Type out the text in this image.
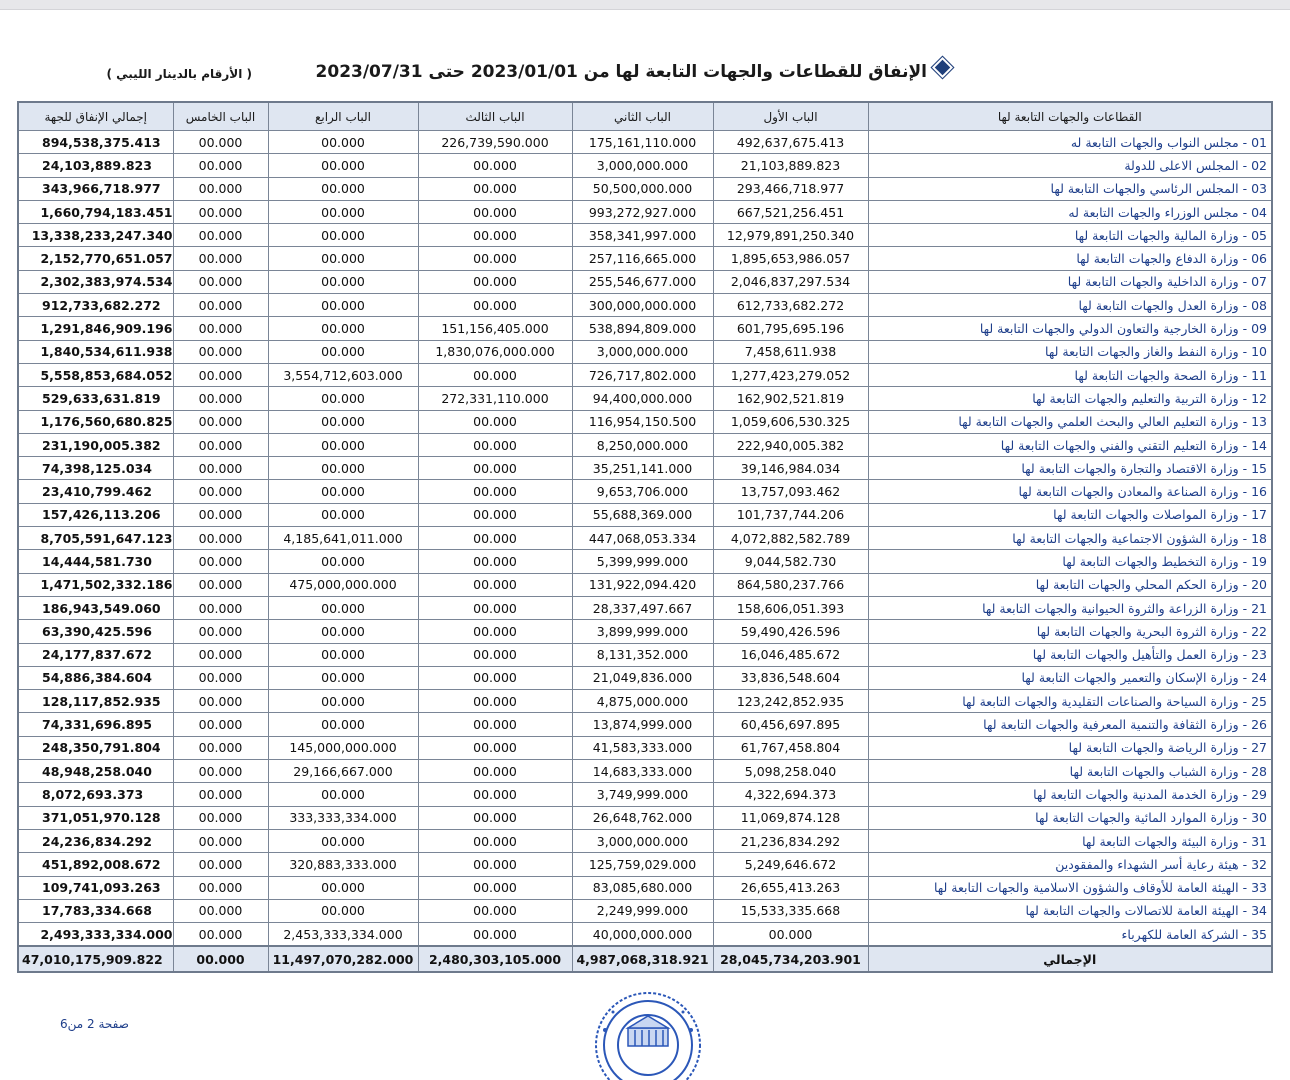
الإنفاق للقطاعات والجهات التابعة لها من 2023/01/01 حتى 2023/07/31
( الأرقام بالدينار الليبي )
القطاعات والجهات التابعة لها	الباب الأول	الباب الثاني	الباب الثالث	الباب الرابع	الباب الخامس	إجمالي الإنفاق للجهة
01 - مجلس النواب والجهات التابعة له	492,637,675.413	175,161,110.000	226,739,590.000	00.000	00.000	894,538,375.413
02 - المجلس الاعلى للدولة	21,103,889.823	3,000,000.000	00.000	00.000	00.000	24,103,889.823
03 - المجلس الرئاسي والجهات التابعة لها	293,466,718.977	50,500,000.000	00.000	00.000	00.000	343,966,718.977
04 - مجلس الوزراء والجهات التابعة له	667,521,256.451	993,272,927.000	00.000	00.000	00.000	1,660,794,183.451
05 - وزارة المالية والجهات التابعة لها	12,979,891,250.340	358,341,997.000	00.000	00.000	00.000	13,338,233,247.340
06 - وزارة الدفاع والجهات التابعة لها	1,895,653,986.057	257,116,665.000	00.000	00.000	00.000	2,152,770,651.057
07 - وزارة الداخلية والجهات التابعة لها	2,046,837,297.534	255,546,677.000	00.000	00.000	00.000	2,302,383,974.534
08 - وزارة العدل والجهات التابعة لها	612,733,682.272	300,000,000.000	00.000	00.000	00.000	912,733,682.272
09 - وزارة الخارجية والتعاون الدولي والجهات التابعة لها	601,795,695.196	538,894,809.000	151,156,405.000	00.000	00.000	1,291,846,909.196
10 - وزارة النفط والغاز والجهات التابعة لها	7,458,611.938	3,000,000.000	1,830,076,000.000	00.000	00.000	1,840,534,611.938
11 - وزارة الصحة والجهات التابعة لها	1,277,423,279.052	726,717,802.000	00.000	3,554,712,603.000	00.000	5,558,853,684.052
12 - وزارة التربية والتعليم والجهات التابعة لها	162,902,521.819	94,400,000.000	272,331,110.000	00.000	00.000	529,633,631.819
13 - وزارة التعليم العالي والبحث العلمي والجهات التابعة لها	1,059,606,530.325	116,954,150.500	00.000	00.000	00.000	1,176,560,680.825
14 - وزارة التعليم التقني والفني والجهات التابعة لها	222,940,005.382	8,250,000.000	00.000	00.000	00.000	231,190,005.382
15 - وزارة الاقتصاد والتجارة والجهات التابعة لها	39,146,984.034	35,251,141.000	00.000	00.000	00.000	74,398,125.034
16 - وزارة الصناعة والمعادن والجهات التابعة لها	13,757,093.462	9,653,706.000	00.000	00.000	00.000	23,410,799.462
17 - وزارة المواصلات والجهات التابعة لها	101,737,744.206	55,688,369.000	00.000	00.000	00.000	157,426,113.206
18 - وزارة الشؤون الاجتماعية والجهات التابعة لها	4,072,882,582.789	447,068,053.334	00.000	4,185,641,011.000	00.000	8,705,591,647.123
19 - وزارة التخطيط والجهات التابعة لها	9,044,582.730	5,399,999.000	00.000	00.000	00.000	14,444,581.730
20 - وزارة الحكم المحلي والجهات التابعة لها	864,580,237.766	131,922,094.420	00.000	475,000,000.000	00.000	1,471,502,332.186
21 - وزارة الزراعة والثروة الحيوانية والجهات التابعة لها	158,606,051.393	28,337,497.667	00.000	00.000	00.000	186,943,549.060
22 - وزارة الثروة البحرية والجهات التابعة لها	59,490,426.596	3,899,999.000	00.000	00.000	00.000	63,390,425.596
23 - وزارة العمل والتأهيل والجهات التابعة لها	16,046,485.672	8,131,352.000	00.000	00.000	00.000	24,177,837.672
24 - وزارة الإسكان والتعمير والجهات التابعة لها	33,836,548.604	21,049,836.000	00.000	00.000	00.000	54,886,384.604
25 - وزارة السياحة والصناعات التقليدية والجهات التابعة لها	123,242,852.935	4,875,000.000	00.000	00.000	00.000	128,117,852.935
26 - وزارة الثقافة والتنمية المعرفية والجهات التابعة لها	60,456,697.895	13,874,999.000	00.000	00.000	00.000	74,331,696.895
27 - وزارة الرياضة والجهات التابعة لها	61,767,458.804	41,583,333.000	00.000	145,000,000.000	00.000	248,350,791.804
28 - وزارة الشباب والجهات التابعة لها	5,098,258.040	14,683,333.000	00.000	29,166,667.000	00.000	48,948,258.040
29 - وزارة الخدمة المدنية والجهات التابعة لها	4,322,694.373	3,749,999.000	00.000	00.000	00.000	8,072,693.373
30 - وزارة الموارد المائية والجهات التابعة لها	11,069,874.128	26,648,762.000	00.000	333,333,334.000	00.000	371,051,970.128
31 - وزارة البيئة والجهات التابعة لها	21,236,834.292	3,000,000.000	00.000	00.000	00.000	24,236,834.292
32 - هيئة رعاية أسر الشهداء والمفقودين	5,249,646.672	125,759,029.000	00.000	320,883,333.000	00.000	451,892,008.672
33 - الهيئة العامة للأوقاف والشؤون الاسلامية والجهات التابعة لها	26,655,413.263	83,085,680.000	00.000	00.000	00.000	109,741,093.263
34 - الهيئة العامة للاتصالات والجهات التابعة لها	15,533,335.668	2,249,999.000	00.000	00.000	00.000	17,783,334.668
35 - الشركة العامة للكهرباء	00.000	40,000,000.000	00.000	2,453,333,334.000	00.000	2,493,333,334.000
الإجمالي	28,045,734,203.901	4,987,068,318.921	2,480,303,105.000	11,497,070,282.000	00.000	47,010,175,909.822
صفحة 2 من6
